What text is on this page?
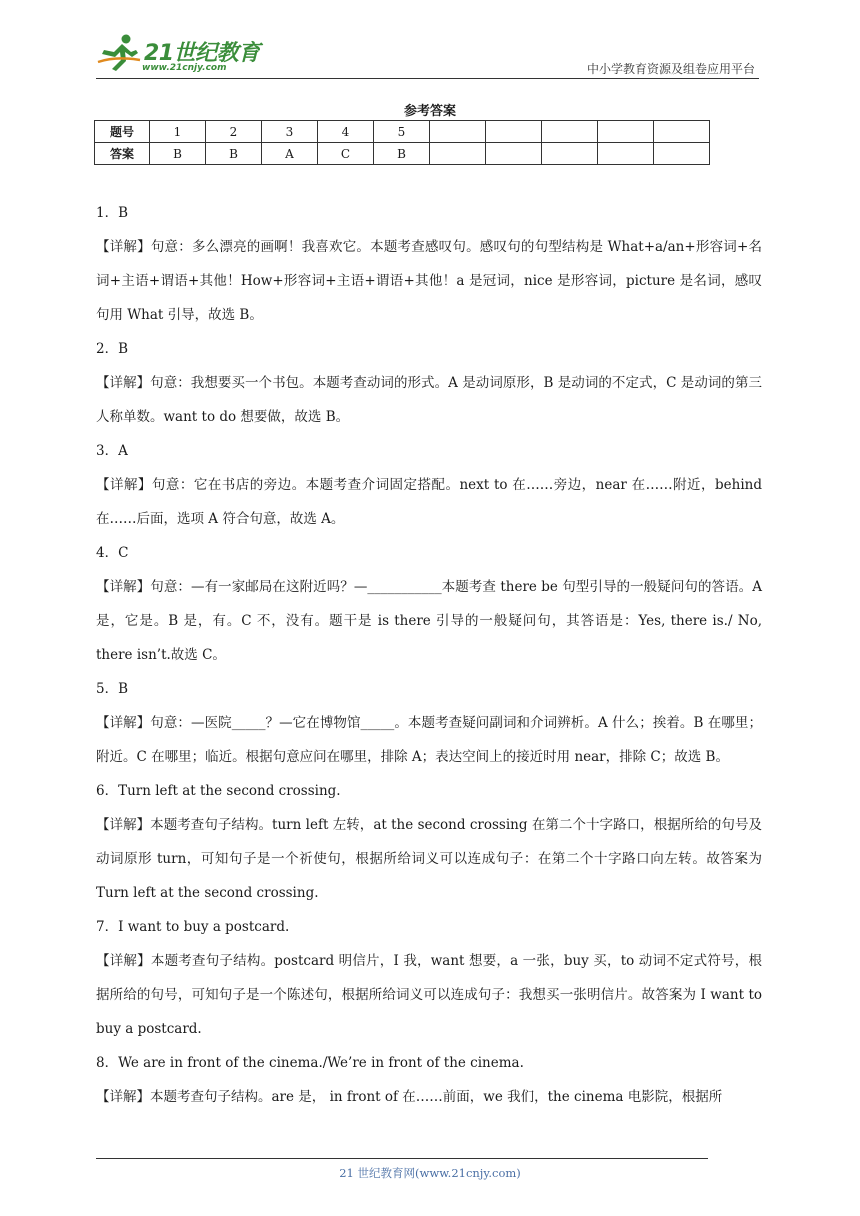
21世纪教育
www.21cnjy.com	中小学教育资源及组卷应用平台
参考答案
题号	1	2	3	4	5					
答案	B	B	A	C	B					
1．B
【详解】句意：多么漂亮的画啊！我喜欢它。本题考查感叹句。感叹句的句型结构是 What+a/an+形容词+名词+主语+谓语+其他！How+形容词+主语+谓语+其他！a 是冠词，nice 是形容词，picture 是名词，感叹句用 What 引导，故选 B。
2．B
【详解】句意：我想要买一个书包。本题考查动词的形式。A 是动词原形，B 是动词的不定式，C 是动词的第三人称单数。want to do 想要做，故选 B。
3．A
【详解】句意：它在书店的旁边。本题考查介词固定搭配。next to 在……旁边，near 在……附近，behind 在……后面，选项 A 符合句意，故选 A。
4．C
【详解】句意：—有一家邮局在这附近吗？—___________本题考查 there be 句型引导的一般疑问句的答语。A 是，它是。B 是，有。C 不，没有。题干是 is there 引导的一般疑问句，其答语是：Yes, there is./ No, there isn’t.故选 C。
5．B
【详解】句意：—医院_____？—它在博物馆_____。本题考查疑问副词和介词辨析。A 什么；挨着。B 在哪里；附近。C 在哪里；临近。根据句意应问在哪里，排除 A；表达空间上的接近时用 near，排除 C；故选 B。
6．Turn left at the second crossing.
【详解】本题考查句子结构。turn left 左转，at the second crossing 在第二个十字路口，根据所给的句号及动词原形 turn，可知句子是一个祈使句，根据所给词义可以连成句子：在第二个十字路口向左转。故答案为 Turn left at the second crossing.
7．I want to buy a postcard.
【详解】本题考查句子结构。postcard 明信片，I 我，want 想要，a 一张，buy 买，to 动词不定式符号，根据所给的句号，可知句子是一个陈述句，根据所给词义可以连成句子：我想买一张明信片。故答案为 I want to buy a postcard.
8．We are in front of the cinema./We’re in front of the cinema.
【详解】本题考查句子结构。are 是， in front of 在……前面，we 我们，the cinema 电影院，根据所
21 世纪教育网(www.21cnjy.com)
